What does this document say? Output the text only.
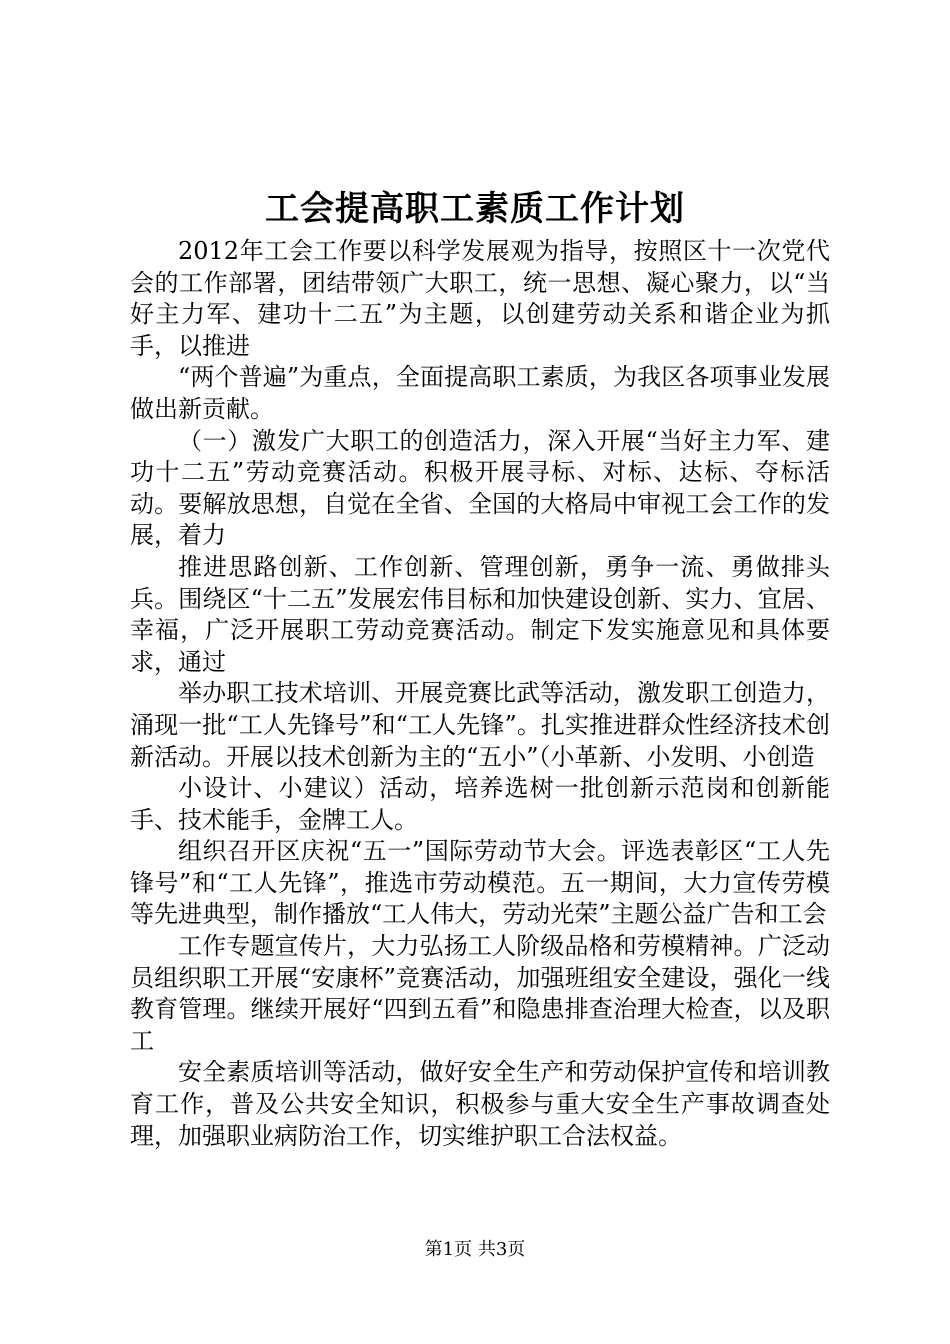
工会提高职工素质工作计划

2012年工会工作要以科学发展观为指导，按照区十一次党代会的工作部署，团结带领广大职工，统一思想、凝心聚力，以“当好主力军、建功十二五”为主题，以创建劳动关系和谐企业为抓手，以推进

“两个普遍”为重点，全面提高职工素质，为我区各项事业发展做出新贡献。

（一）激发广大职工的创造活力，深入开展“当好主力军、建功十二五”劳动竞赛活动。积极开展寻标、对标、达标、夺标活动。要解放思想，自觉在全省、全国的大格局中审视工会工作的发展，着力

推进思路创新、工作创新、管理创新，勇争一流、勇做排头兵。围绕区“十二五”发展宏伟目标和加快建设创新、实力、宜居、幸福，广泛开展职工劳动竞赛活动。制定下发实施意见和具体要求，通过

举办职工技术培训、开展竞赛比武等活动，激发职工创造力，涌现一批“工人先锋号”和“工人先锋”。扎实推进群众性经济技术创新活动。开展以技术创新为主的“五小”（小革新、小发明、小创造

小设计、小建议）活动，培养选树一批创新示范岗和创新能手、技术能手，金牌工人。

组织召开区庆祝“五一”国际劳动节大会。评选表彰区“工人先锋号”和“工人先锋”，推选市劳动模范。五一期间，大力宣传劳模等先进典型，制作播放“工人伟大，劳动光荣”主题公益广告和工会

工作专题宣传片，大力弘扬工人阶级品格和劳模精神。广泛动员组织职工开展“安康杯”竞赛活动，加强班组安全建设，强化一线教育管理。继续开展好“四到五看”和隐患排查治理大检查，以及职工

安全素质培训等活动，做好安全生产和劳动保护宣传和培训教育工作，普及公共安全知识，积极参与重大安全生产事故调查处理，加强职业病防治工作，切实维护职工合法权益。

第1页 共3页
